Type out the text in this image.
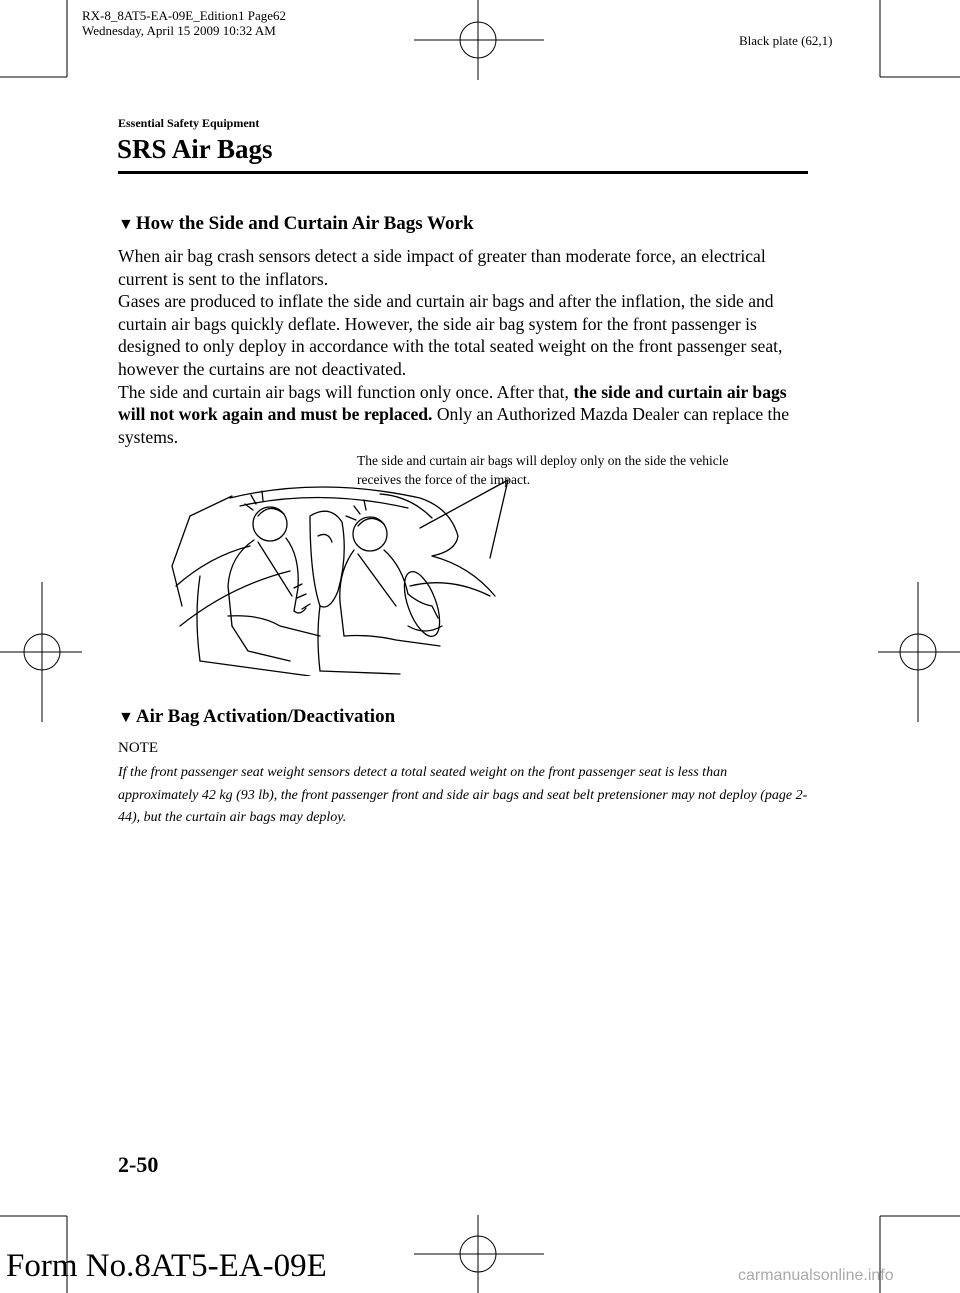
RX-8_8AT5-EA-09E_Edition1 Page62
Wednesday, April 15 2009 10:32 AM
Black plate (62,1)
Essential Safety Equipment
SRS Air Bags
▼ How the Side and Curtain Air Bags Work
When air bag crash sensors detect a side impact of greater than moderate force, an electrical current is sent to the inflators.
Gases are produced to inflate the side and curtain air bags and after the inflation, the side and curtain air bags quickly deflate. However, the side air bag system for the front passenger is designed to only deploy in accordance with the total seated weight on the front passenger seat, however the curtains are not deactivated.
The side and curtain air bags will function only once. After that, the side and curtain air bags will not work again and must be replaced. Only an Authorized Mazda Dealer can replace the systems.
The side and curtain air bags will deploy only on the side the vehicle receives the force of the impact.
▼ Air Bag Activation/Deactivation
NOTE
If the front passenger seat weight sensors detect a total seated weight on the front passenger seat is less than approximately 42 kg (93 lb), the front passenger front and side air bags and seat belt pretensioner may not deploy (page 2-44), but the curtain air bags may deploy.
2-50
Form No.8AT5-EA-09E	carmanualsonline.info
